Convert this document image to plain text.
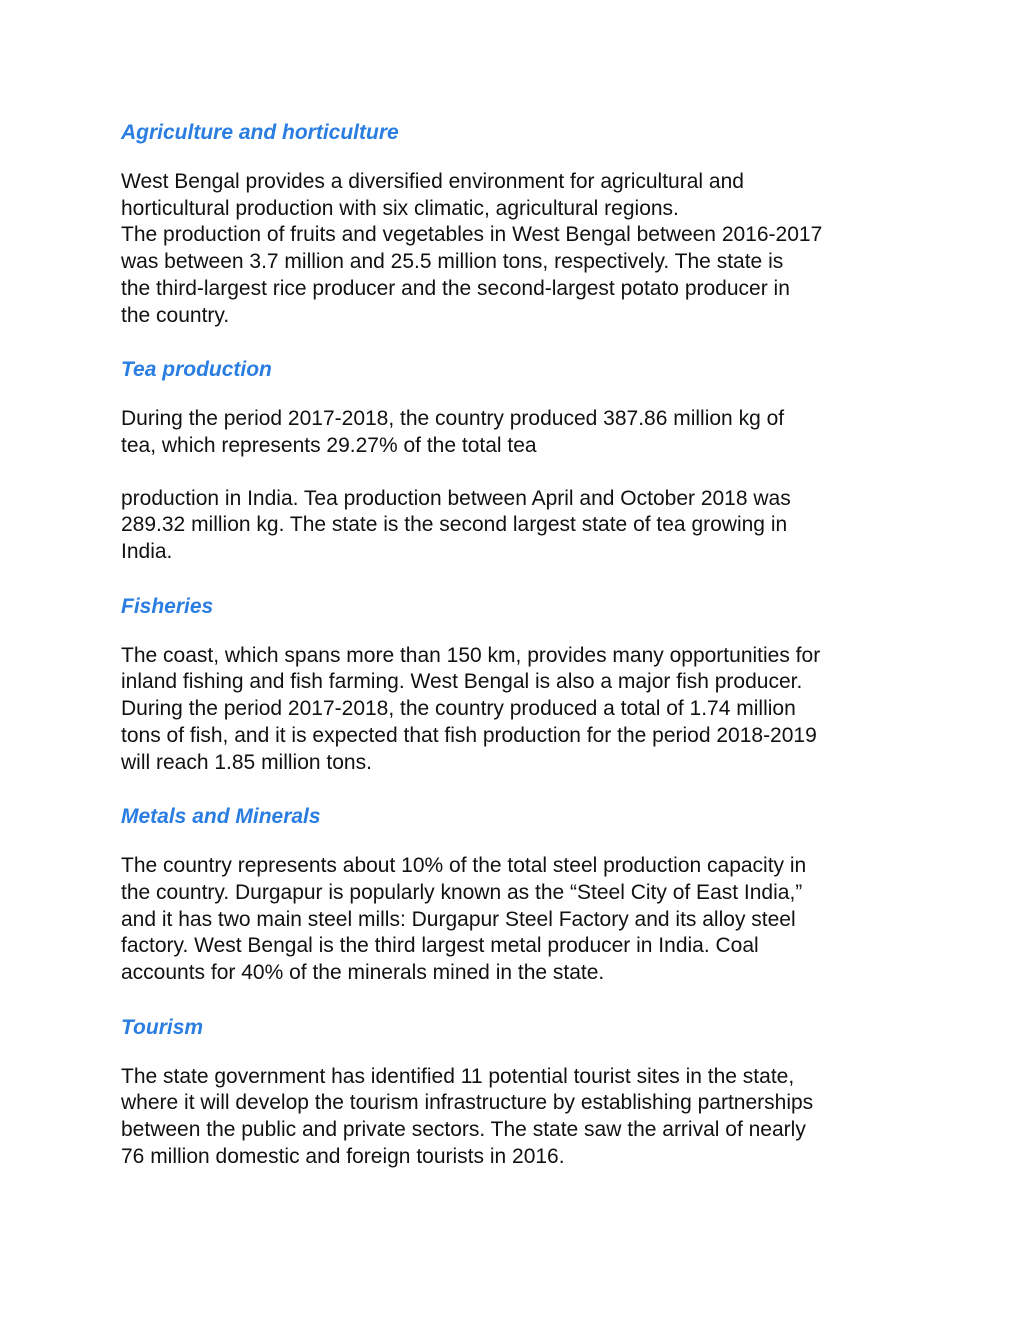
Agriculture and horticulture

West Bengal provides a diversified environment for agricultural and
horticultural production with six climatic, agricultural regions.
The production of fruits and vegetables in West Bengal between 2016-2017
was between 3.7 million and 25.5 million tons, respectively. The state is
the third-largest rice producer and the second-largest potato producer in
the country.

Tea production

During the period 2017-2018, the country produced 387.86 million kg of
tea, which represents 29.27% of the total tea

production in India. Tea production between April and October 2018 was
289.32 million kg. The state is the second largest state of tea growing in
India.

Fisheries

The coast, which spans more than 150 km, provides many opportunities for
inland fishing and fish farming. West Bengal is also a major fish producer.
During the period 2017-2018, the country produced a total of 1.74 million
tons of fish, and it is expected that fish production for the period 2018-2019
will reach 1.85 million tons.

Metals and Minerals

The country represents about 10% of the total steel production capacity in
the country. Durgapur is popularly known as the “Steel City of East India,”
and it has two main steel mills: Durgapur Steel Factory and its alloy steel
factory. West Bengal is the third largest metal producer in India. Coal
accounts for 40% of the minerals mined in the state.

Tourism

The state government has identified 11 potential tourist sites in the state,
where it will develop the tourism infrastructure by establishing partnerships
between the public and private sectors. The state saw the arrival of nearly
76 million domestic and foreign tourists in 2016.
